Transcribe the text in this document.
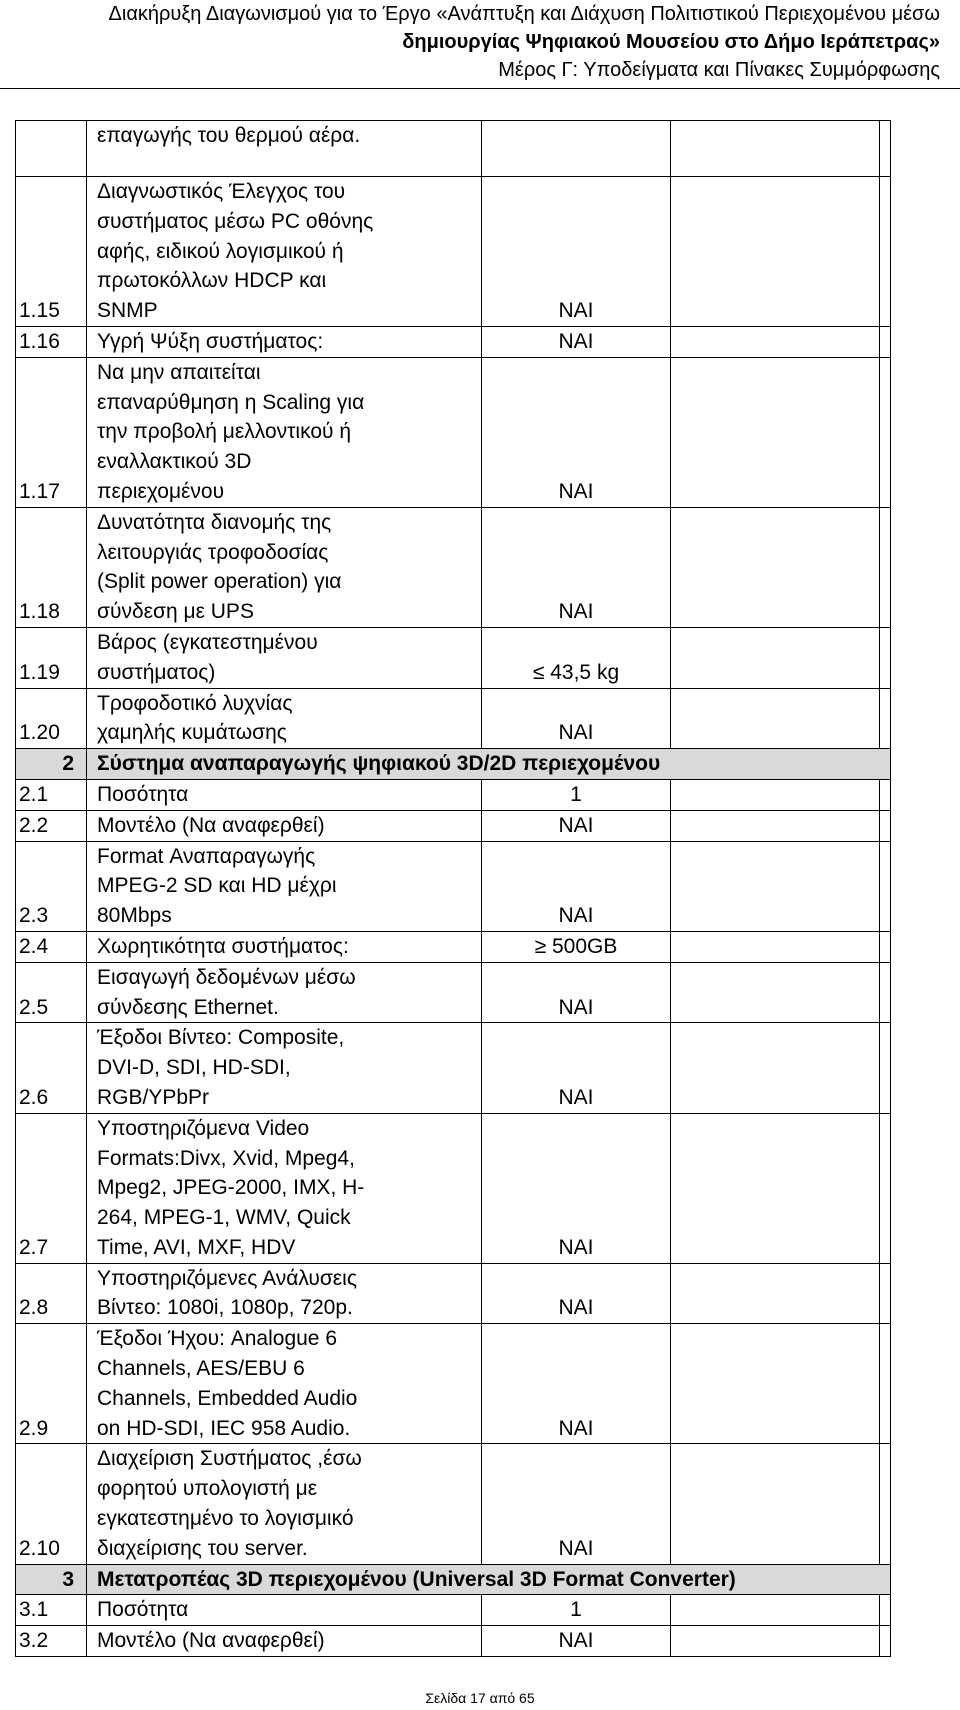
Διακήρυξη Διαγωνισμού για το Έργο «Ανάπτυξη και Διάχυση Πολιτιστικού Περιεχομένου μέσω
δημιουργίας Ψηφιακού Μουσείου στο Δήμο Ιεράπετρας»
Μέρος Γ: Υποδείγματα και Πίνακες Συμμόρφωσης
	επαγωγής του θερμού αέρα.			
1.15	Διαγνωστικός Έλεγχος του
συστήματος μέσω PC οθόνης
αφής, ειδικού λογισμικού ή
πρωτοκόλλων HDCP και
SNMP	ΝΑΙ		
1.16	Υγρή Ψύξη συστήματος:	ΝΑΙ		
1.17	Να μην απαιτείται
επαναρύθμηση η Scaling για
την προβολή μελλοντικού ή
εναλλακτικού 3D
περιεχομένου	ΝΑΙ		
1.18	Δυνατότητα διανομής της
λειτουργιάς τροφοδοσίας
(Split power operation) για
σύνδεση με UPS	ΝΑΙ		
1.19	Βάρος (εγκατεστημένου
συστήματος)	≤ 43,5 kg		
1.20	Τροφοδοτικό λυχνίας
χαμηλής κυμάτωσης	ΝΑΙ		
2	Σύστημα αναπαραγωγής ψηφιακού 3D/2D περιεχομένου			
2.1	Ποσότητα	1		
2.2	Μοντέλο (Να αναφερθεί)	ΝΑΙ		
2.3	Format Αναπαραγωγής
MPEG-2 SD και HD μέχρι
80Mbps	ΝΑΙ		
2.4	Χωρητικότητα συστήματος:	≥ 500GB		
2.5	Εισαγωγή δεδομένων μέσω
σύνδεσης Ethernet.	ΝΑΙ		
2.6	Έξοδοι Βίντεο: Composite,
DVI-D, SDI, HD-SDI,
RGB/YPbPr	ΝΑΙ		
2.7	Υποστηριζόμενα Video
Formats:Divx, Xvid, Mpeg4,
Mpeg2, JPEG-2000, IMX, H-
264, MPEG-1, WMV, Quick
Time, AVI, MXF, HDV	ΝΑΙ		
2.8	Υποστηριζόμενες Ανάλυσεις
Βίντεο: 1080i, 1080p, 720p.	ΝΑΙ		
2.9	Έξοδοι Ήχου: Analogue 6
Channels, AES/EBU 6
Channels, Embedded Audio
on HD-SDI, IEC 958 Audio.	ΝΑΙ		
2.10	Διαχείριση Συστήματος ,έσω
φορητού υπολογιστή με
εγκατεστημένο το λογισμικό
διαχείρισης του server.	ΝΑΙ		
3	Μετατροπέας 3D περιεχομένου (Universal 3D Format Converter)			
3.1	Ποσότητα	1		
3.2	Μοντέλο (Να αναφερθεί)	ΝΑΙ		
Σελίδα 17 από 65
